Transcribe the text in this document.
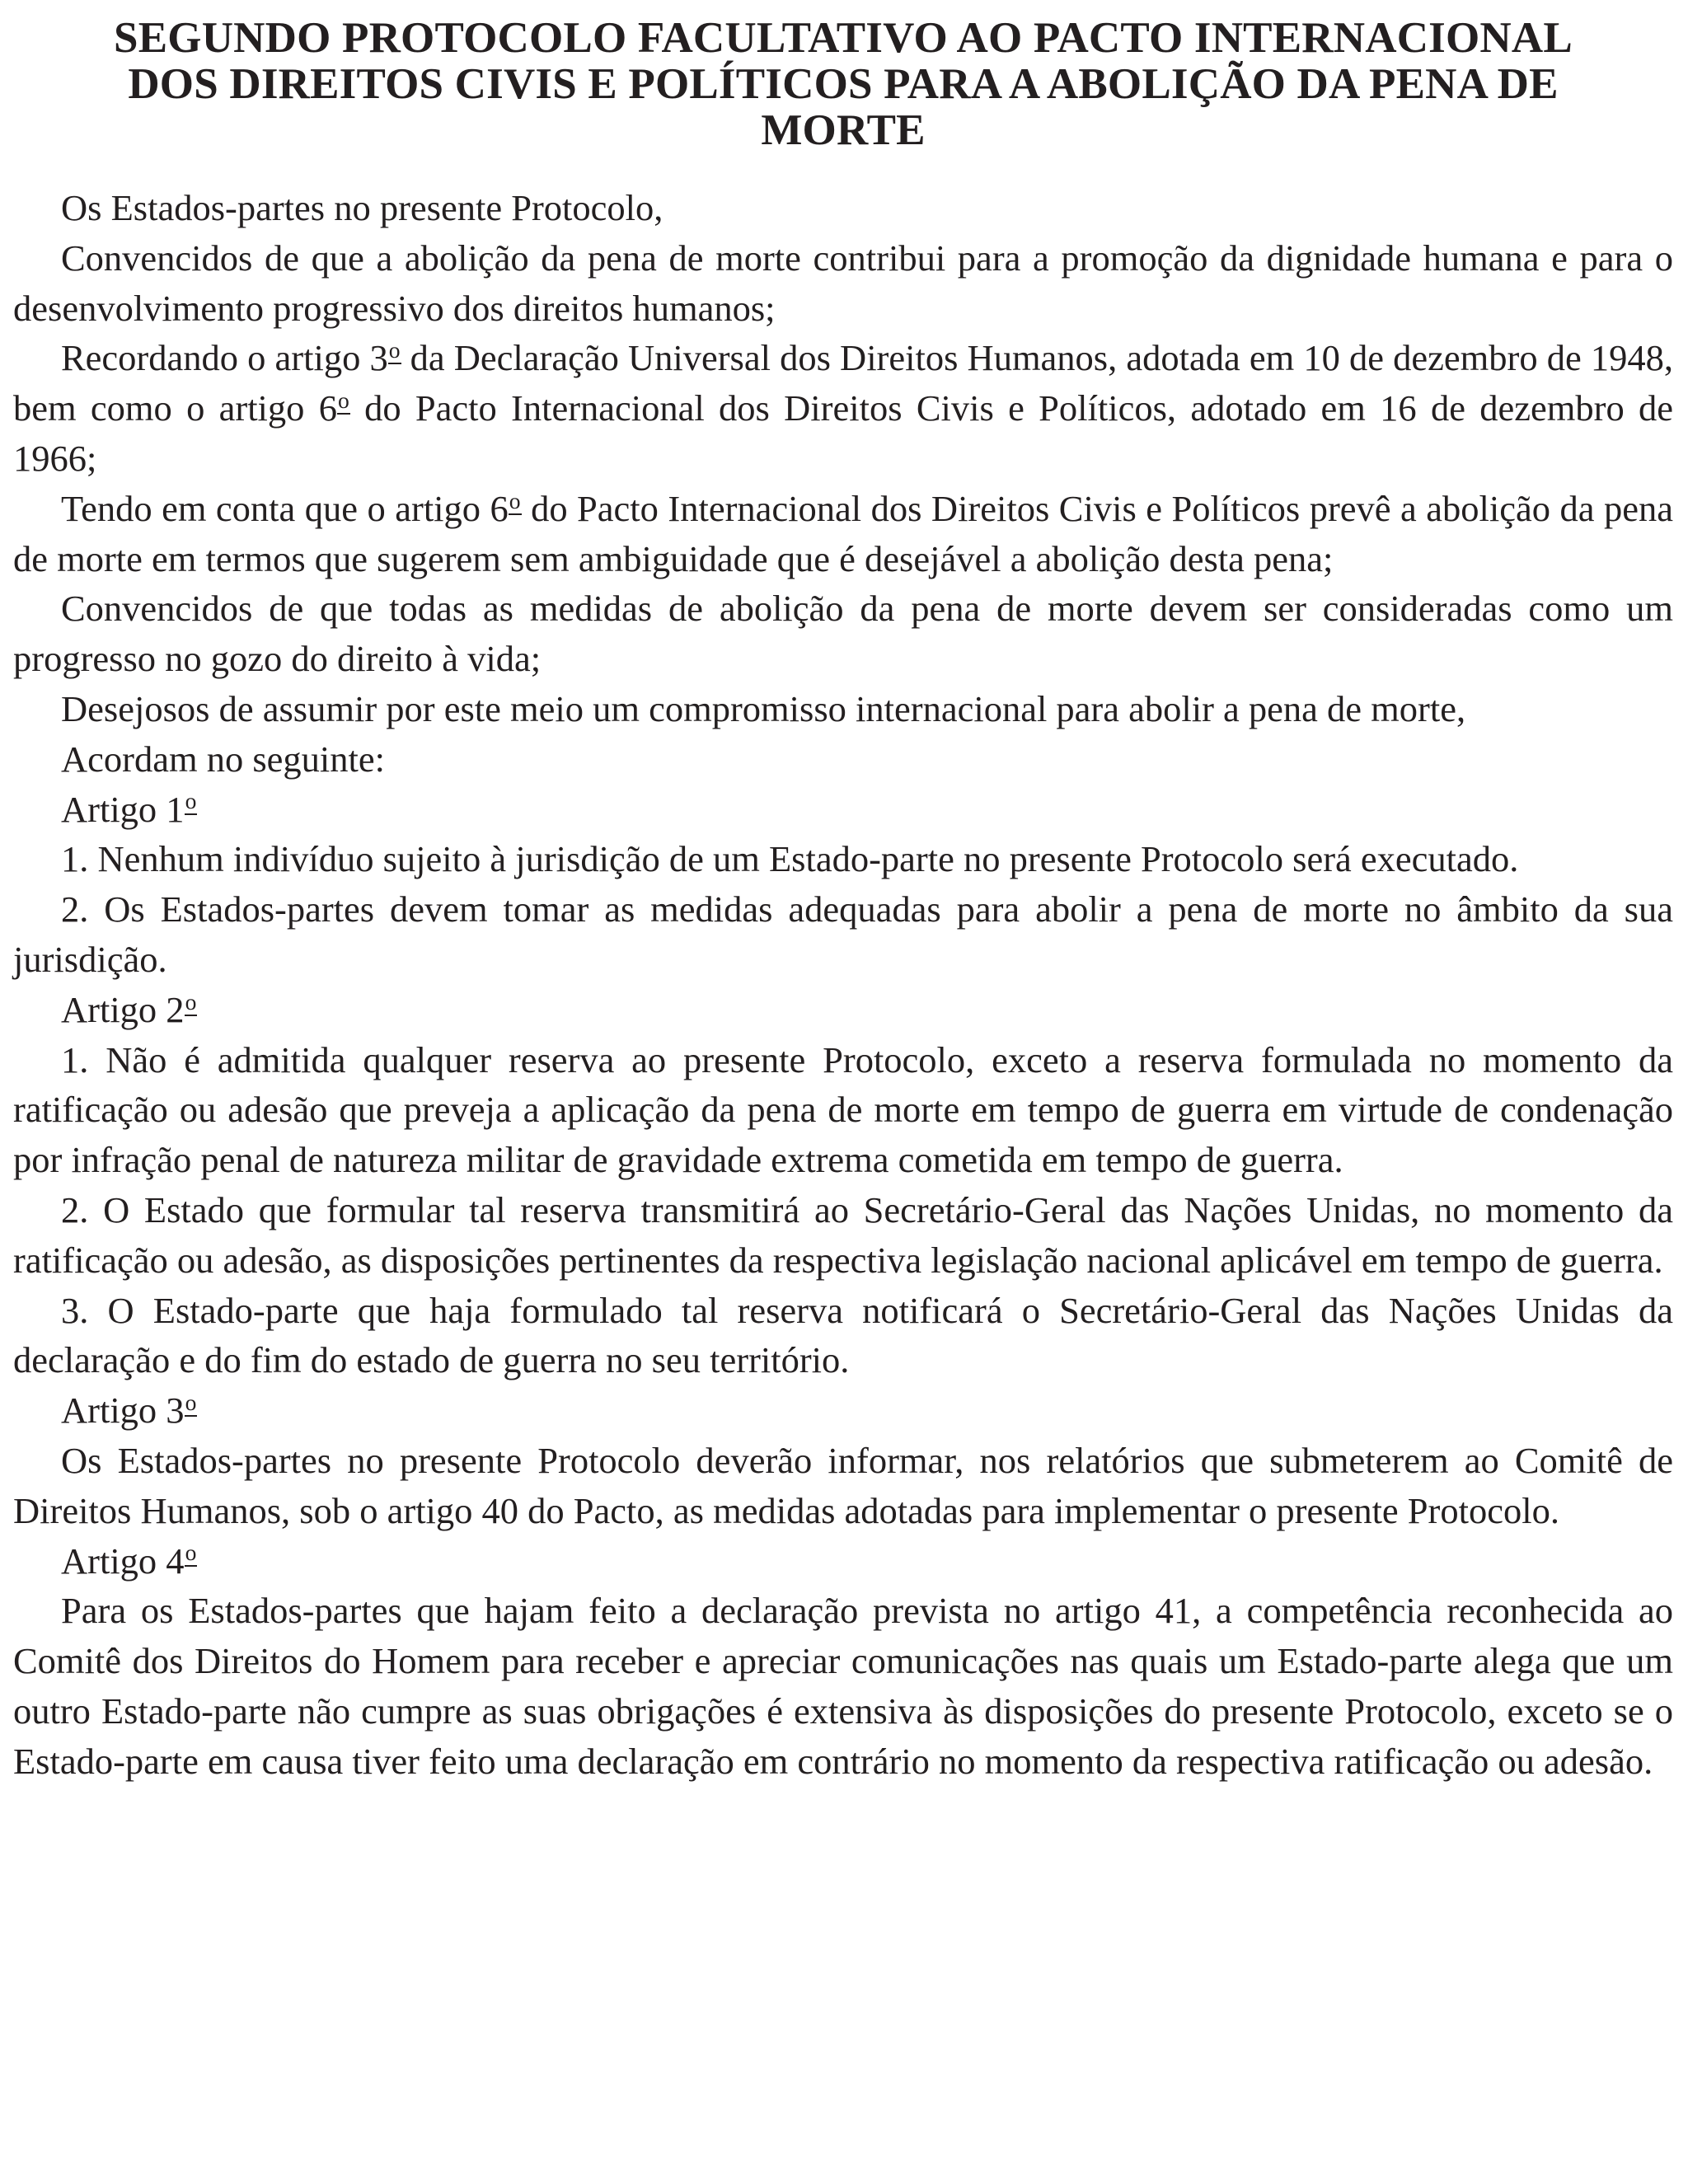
SEGUNDO PROTOCOLO FACULTATIVO AO PACTO INTERNACIONAL
DOS DIREITOS CIVIS E POLÍTICOS PARA A ABOLIÇÃO DA PENA DE
MORTE

Os Estados-partes no presente Protocolo,

Convencidos de que a abolição da pena de morte contribui para a promoção da dignidade humana e para o desenvolvimento progressivo dos direitos humanos;

Recordando o artigo 3$^o$ da Declaração Universal dos Direitos Humanos, adotada em 10 de dezembro de 1948, bem como o artigo 6$^o$ do Pacto Internacional dos Direitos Civis e Políticos, adotado em 16 de dezembro de 1966;

Tendo em conta que o artigo 6$^o$ do Pacto Internacional dos Direitos Civis e Políticos prevê a abolição da pena de morte em termos que sugerem sem ambiguidade que é desejável a abolição desta pena;

Convencidos de que todas as medidas de abolição da pena de morte devem ser consideradas como um progresso no gozo do direito à vida;

Desejosos de assumir por este meio um compromisso internacional para abolir a pena de morte,

Acordam no seguinte:

Artigo 1$^o$

1. Nenhum indivíduo sujeito à jurisdição de um Estado-parte no presente Protocolo será executado.

2. Os Estados-partes devem tomar as medidas adequadas para abolir a pena de morte no âmbito da sua jurisdição.

Artigo 2$^o$

1. Não é admitida qualquer reserva ao presente Protocolo, exceto a reserva formulada no momento da ratificação ou adesão que preveja a aplicação da pena de morte em tempo de guerra em virtude de condenação por infração penal de natureza militar de gravidade extrema cometida em tempo de guerra.

2. O Estado que formular tal reserva transmitirá ao Secretário-Geral das Nações Unidas, no momento da ratificação ou adesão, as disposições pertinentes da respectiva legislação nacional aplicável em tempo de guerra.

3. O Estado-parte que haja formulado tal reserva notificará o Secretário-Geral das Nações Unidas da declaração e do fim do estado de guerra no seu território.

Artigo 3$^o$

Os Estados-partes no presente Protocolo deverão informar, nos relatórios que submeterem ao Comitê de Direitos Humanos, sob o artigo 40 do Pacto, as medidas adotadas para implementar o presente Protocolo.

Artigo 4$^o$

Para os Estados-partes que hajam feito a declaração prevista no artigo 41, a competência reconhecida ao Comitê dos Direitos do Homem para receber e apreciar comunicações nas quais um Estado-parte alega que um outro Estado-parte não cumpre as suas obrigações é extensiva às disposições do presente Protocolo, exceto se o Estado-parte em causa tiver feito uma declaração em contrário no momento da respectiva ratificação ou adesão.
